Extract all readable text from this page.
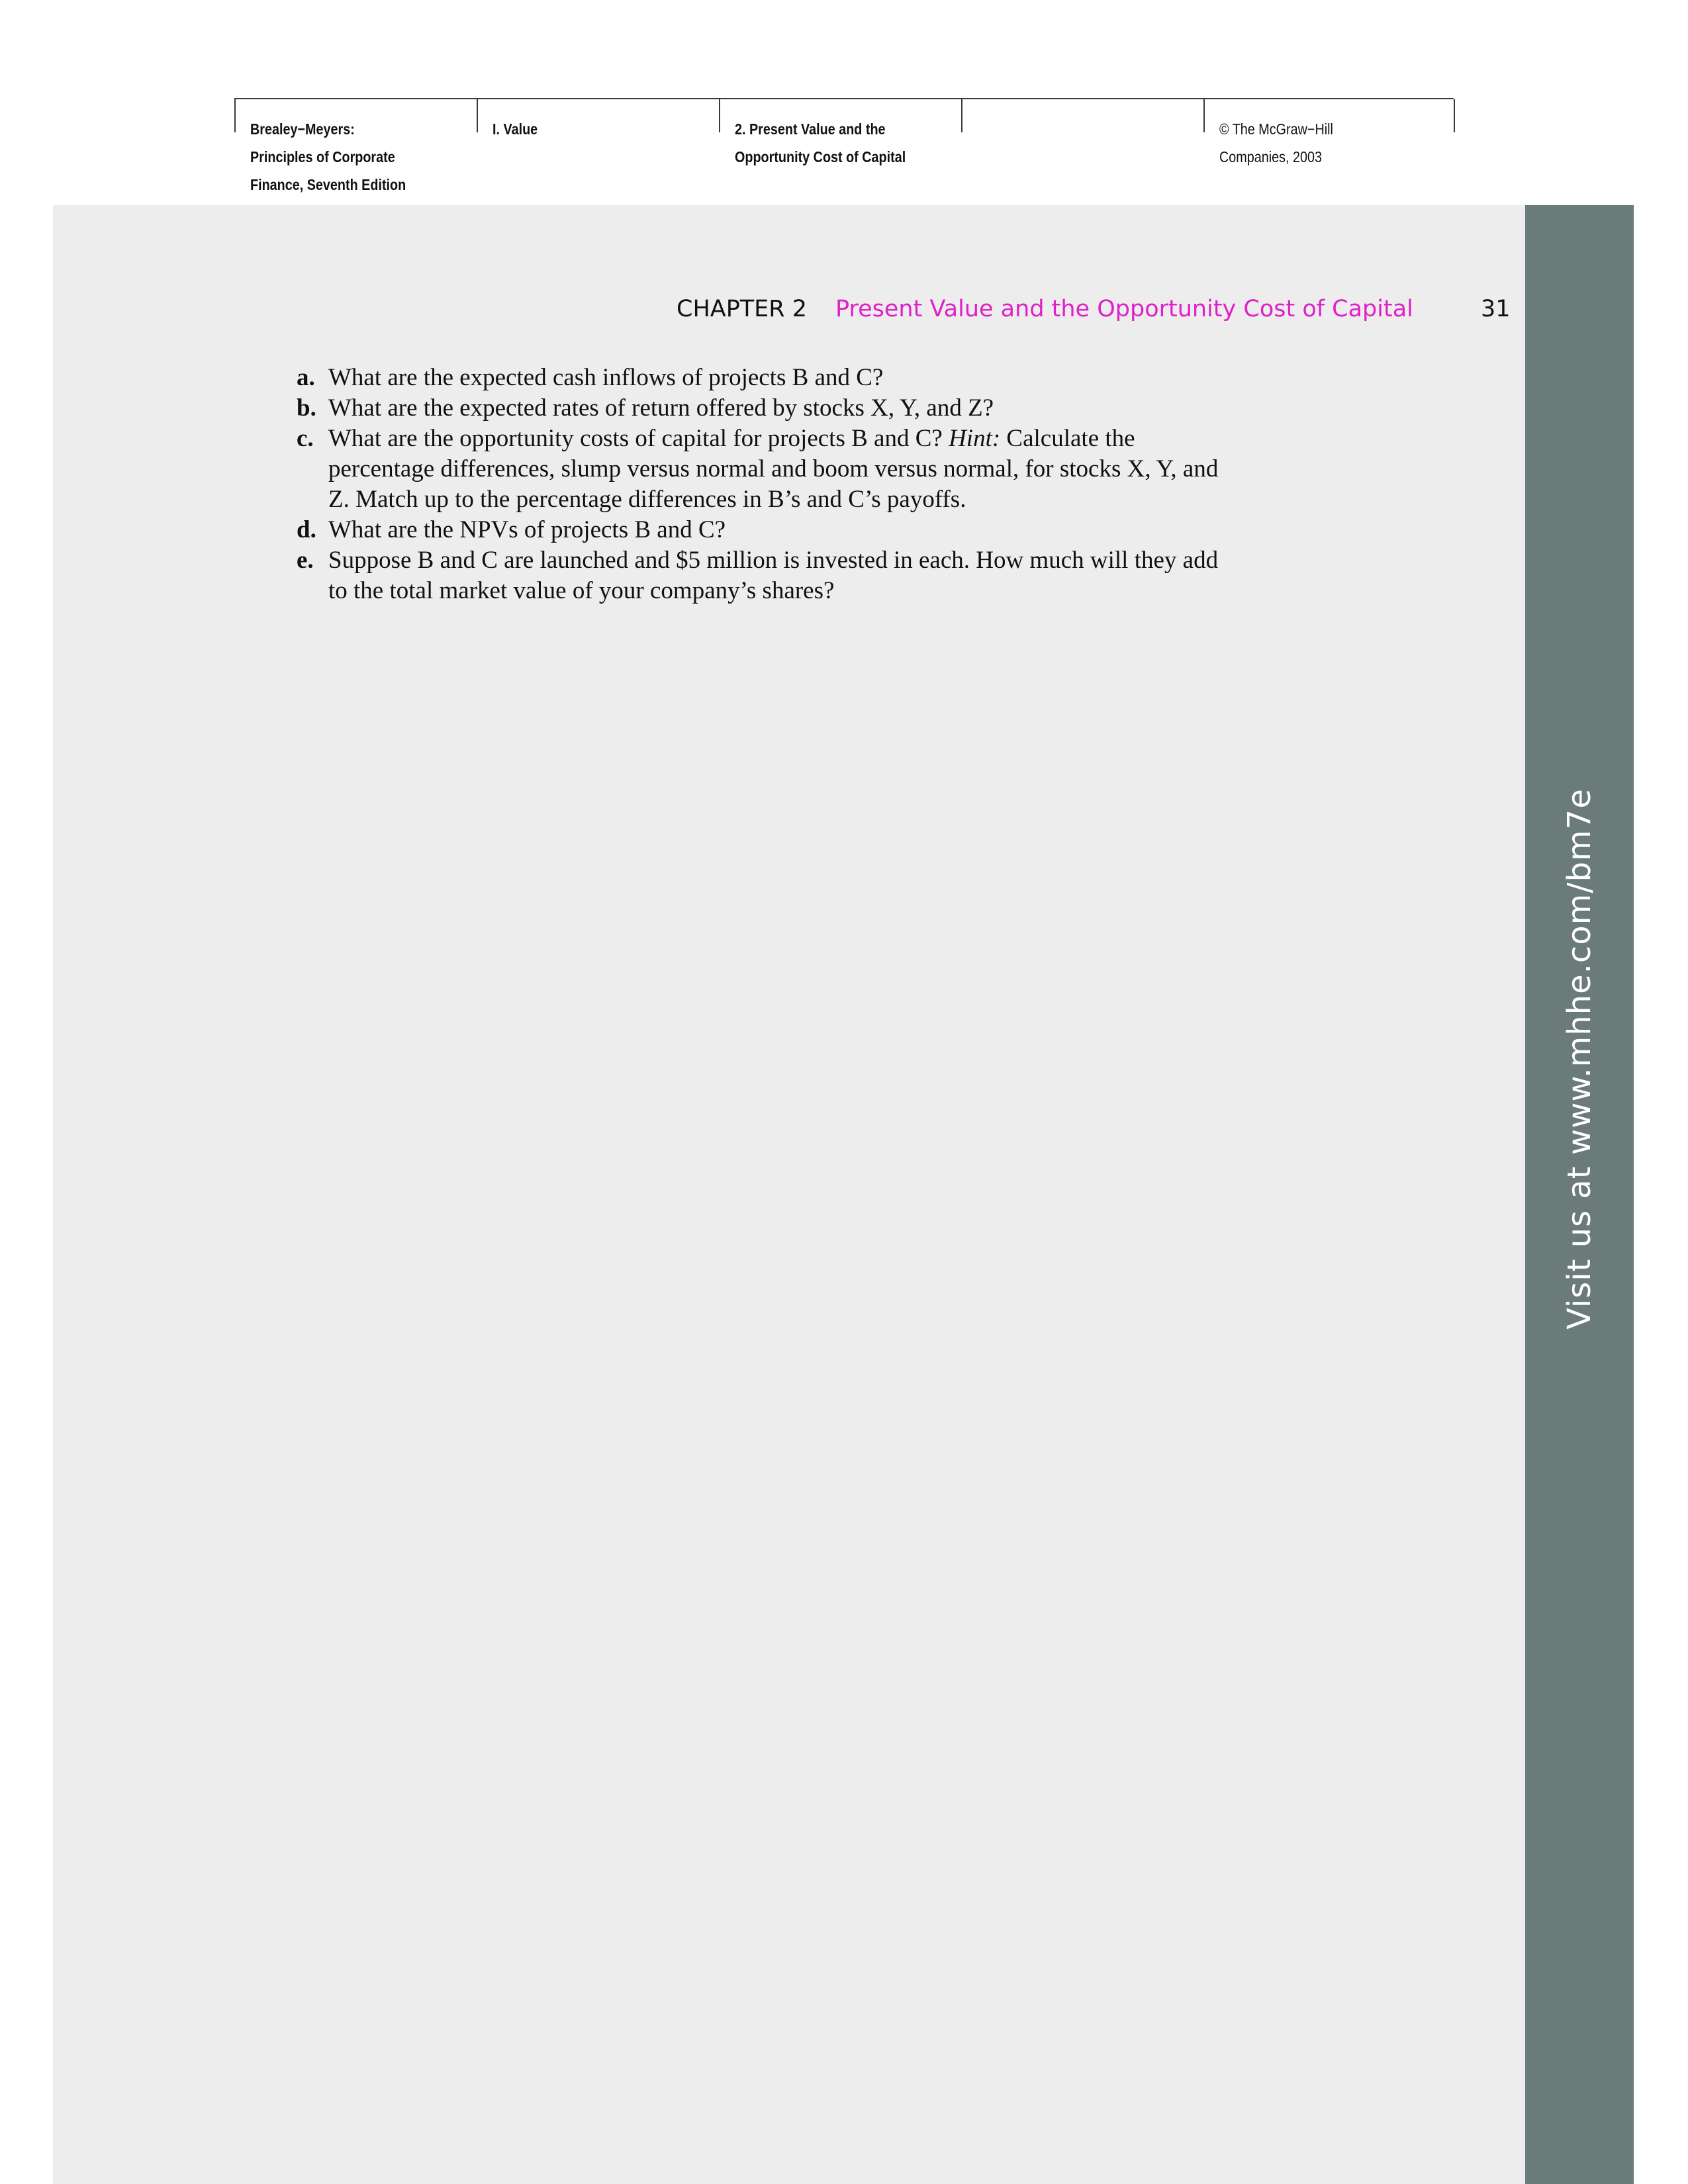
Brealey−Meyers:
Principles of Corporate
Finance, Seventh Edition
I. Value	2. Present Value and the
Opportunity Cost of Capital
© The McGraw−Hill
Companies, 2003
CHAPTER 2 Present Value and the Opportunity Cost of Capital	31
a. What are the expected cash inflows of projects B and C?
b. What are the expected rates of return offered by stocks X, Y, and Z?
c. What are the opportunity costs of capital for projects B and C? Hint: Calculate the percentage differences, slump versus normal and boom versus normal, for stocks X, Y, and Z. Match up to the percentage differences in B’s and C’s payoffs.
d. What are the NPVs of projects B and C?
e. Suppose B and C are launched and $5 million is invested in each. How much will they add to the total market value of your company’s shares?
Visit us at www.mhhe.com/bm7e
